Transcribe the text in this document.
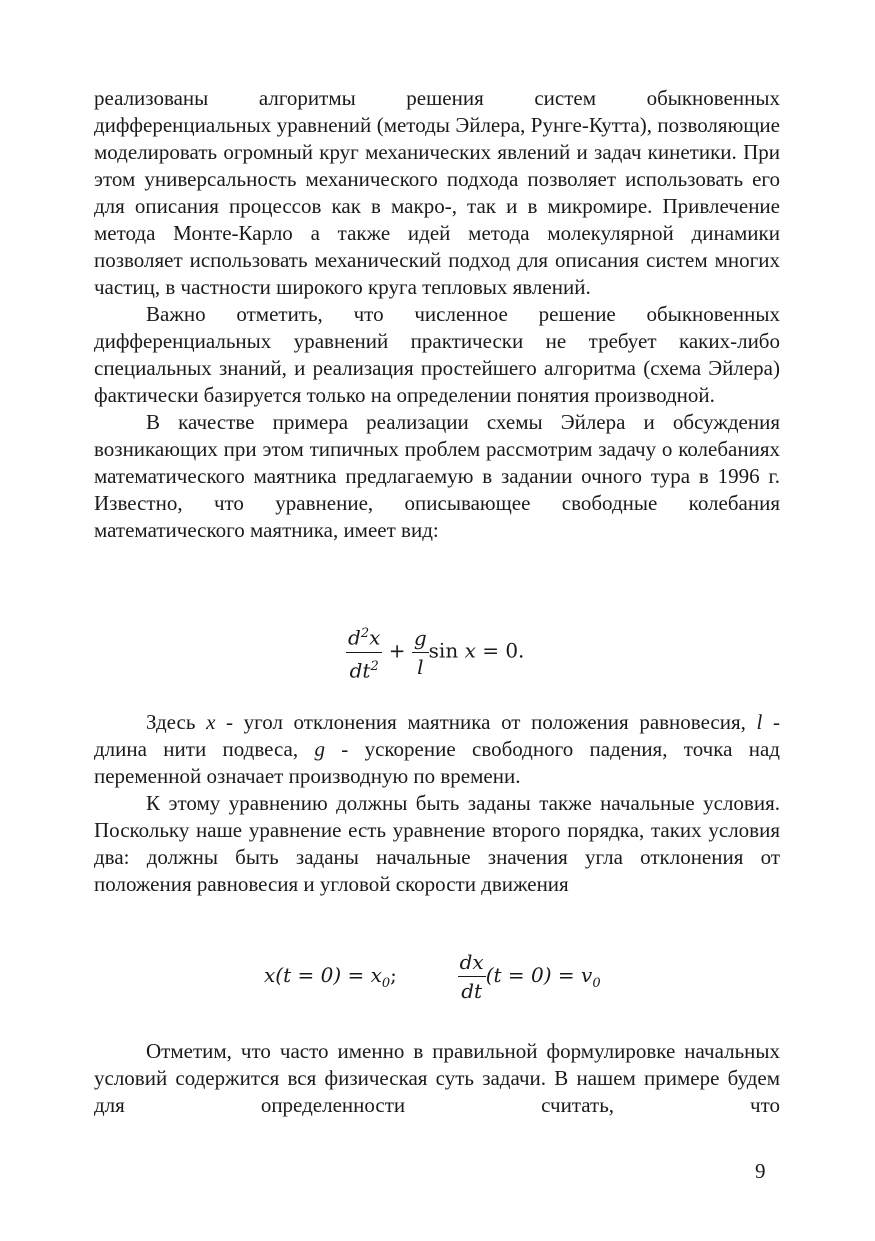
реализованы алгоритмы решения систем обыкновенных дифференциальных уравнений (методы Эйлера, Рунге-Кутта), позволяющие моделировать огромный круг механических явлений и задач кинетики. При этом универсальность механического подхода позволяет использовать его для описания процессов как в макро-, так и в микромире. Привлечение метода Монте-Карло а также идей метода молекулярной динамики позволяет использовать механический подход для описания систем многих частиц, в частности широкого круга тепловых явлений.

Важно отметить, что численное решение обыкновенных дифференциальных уравнений практически не требует каких-либо специальных знаний, и реализация простейшего алгоритма (схема Эйлера) фактически базируется только на определении понятия производной.

В качестве примера реализации схемы Эйлера и обсуждения возникающих при этом типичных проблем рассмотрим задачу о колебаниях математического маятника предлагаемую в задании очного тура в 1996 г. Известно, что уравнение, описывающее свободные колебания математического маятника, имеет вид:

$\frac{d^2x}{dt^2} + \frac{g}{l}$ sin x = 0.

Здесь x - угол отклонения маятника от положения равновесия, l - длина нити подвеса, g - ускорение свободного падения, точка над переменной означает производную по времени.

К этому уравнению должны быть заданы также начальные условия. Поскольку наше уравнение есть уравнение второго порядка, таких условия два: должны быть заданы начальные значения угла отклонения от положения равновесия и угловой скорости движения

$x(t = 0) = x_0$;	$\frac{dx}{dt} (t = 0) = v_0$

Отметим, что часто именно в правильной формулировке начальных условий содержится вся физическая суть задачи. В нашем примере будем для определенности считать, что

9
